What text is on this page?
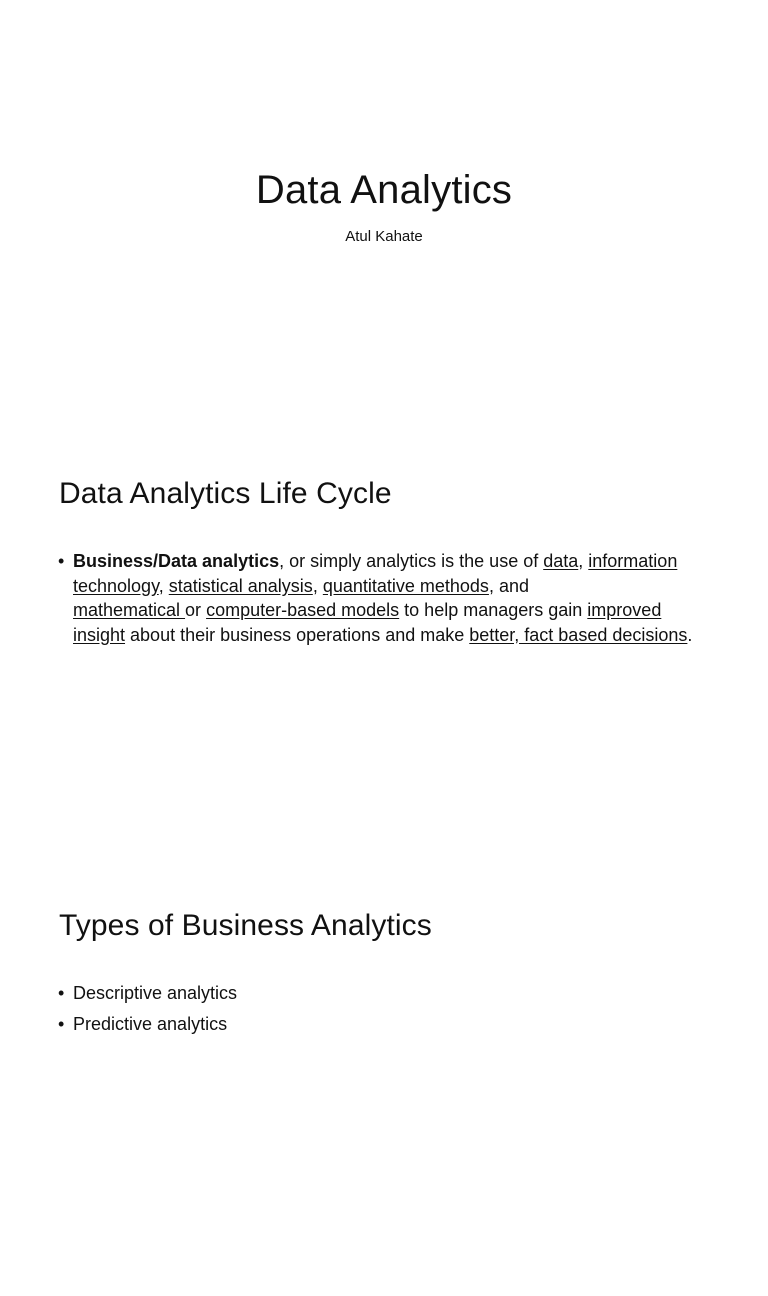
Data Analytics

Atul Kahate

Data Analytics Life Cycle
• Business/Data analytics, or simply analytics is the use of data, information technology, statistical analysis, quantitative methods, and
mathematical or computer-based models to help managers gain improved insight about their business operations and make better, fact based decisions.
Types of Business Analytics
• Descriptive analytics
• Predictive analytics
